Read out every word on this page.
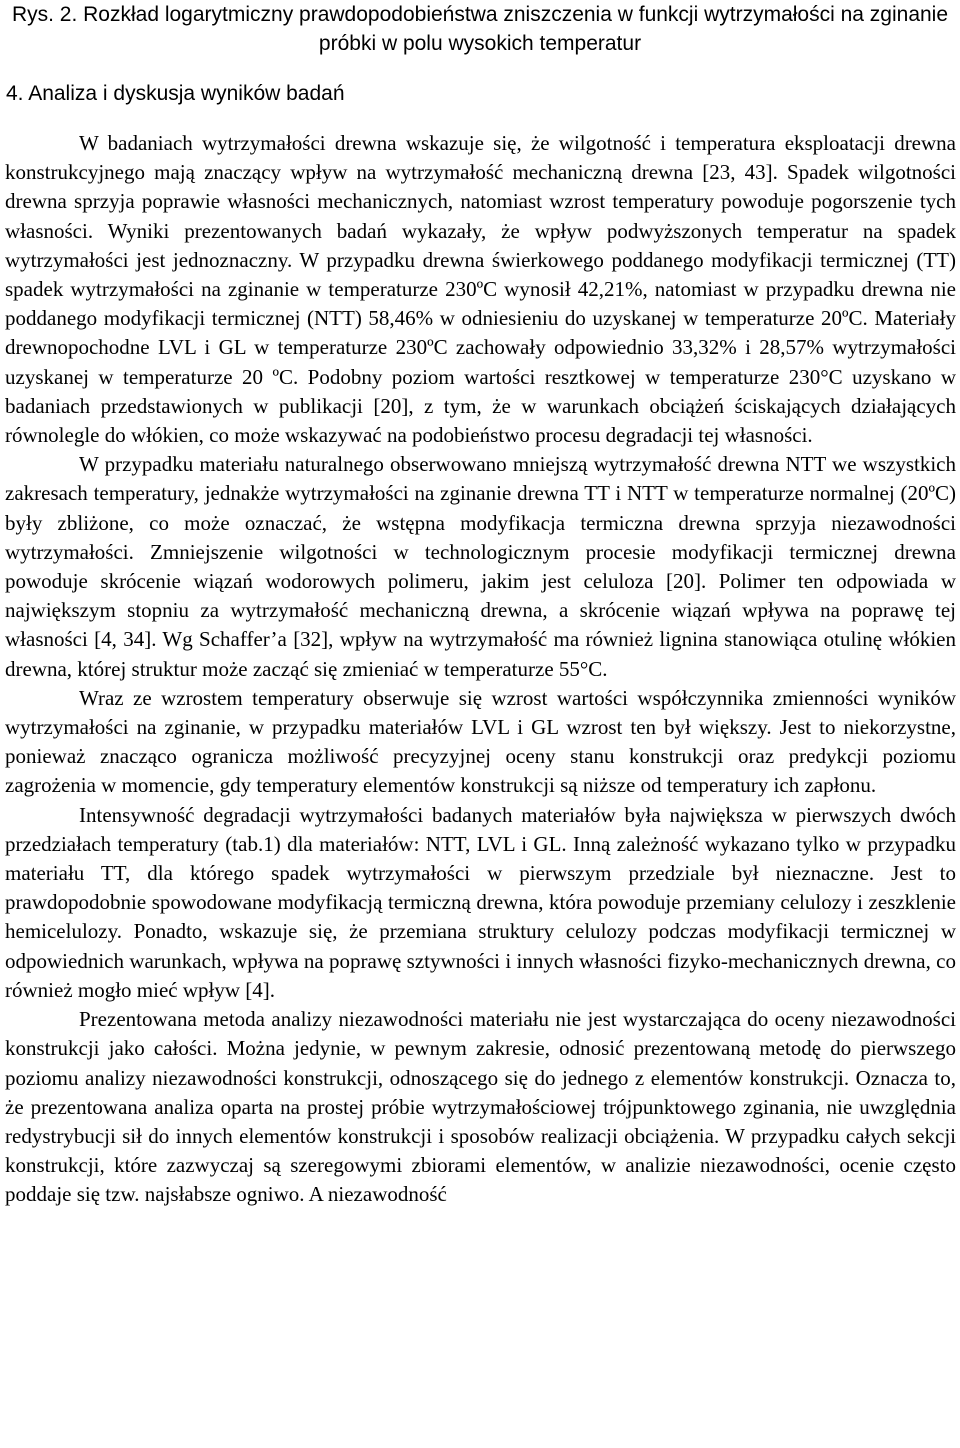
Rys. 2. Rozkład logarytmiczny prawdopodobieństwa zniszczenia w funkcji wytrzymałości na zginanie próbki w polu wysokich temperatur

4. Analiza i dyskusja wyników badań

W badaniach wytrzymałości drewna wskazuje się, że wilgotność i temperatura eksploatacji drewna konstrukcyjnego mają znaczący wpływ na wytrzymałość mechaniczną drewna [23, 43]. Spadek wilgotności drewna sprzyja poprawie własności mechanicznych, natomiast wzrost temperatury powoduje pogorszenie tych własności. Wyniki prezentowanych badań wykazały, że wpływ podwyższonych temperatur na spadek wytrzymałości jest jednoznaczny. W przypadku drewna świerkowego poddanego modyfikacji termicznej (TT) spadek wytrzymałości na zginanie w temperaturze 230ºC wynosił 42,21%, natomiast w przypadku drewna nie poddanego modyfikacji termicznej (NTT) 58,46% w odniesieniu do uzyskanej w temperaturze 20ºC. Materiały drewnopochodne LVL i GL w temperaturze 230ºC zachowały odpowiednio 33,32% i 28,57% wytrzymałości uzyskanej w temperaturze 20 ºC. Podobny poziom wartości resztkowej w temperaturze 230°C uzyskano w badaniach przedstawionych w publikacji [20], z tym, że w warunkach obciążeń ściskających działających równolegle do włókien, co może wskazywać na podobieństwo procesu degradacji tej własności.

W przypadku materiału naturalnego obserwowano mniejszą wytrzymałość drewna NTT we wszystkich zakresach temperatury, jednakże wytrzymałości na zginanie drewna TT i NTT w temperaturze normalnej (20ºC) były zbliżone, co może oznaczać, że wstępna modyfikacja termiczna drewna sprzyja niezawodności wytrzymałości. Zmniejszenie wilgotności w technologicznym procesie modyfikacji termicznej drewna powoduje skrócenie wiązań wodorowych polimeru, jakim jest celuloza [20]. Polimer ten odpowiada w największym stopniu za wytrzymałość mechaniczną drewna, a skrócenie wiązań wpływa na poprawę tej własności [4, 34]. Wg Schaffer’a [32], wpływ na wytrzymałość ma również lignina stanowiąca otulinę włókien drewna, której struktur może zacząć się zmieniać w temperaturze 55°C.

Wraz ze wzrostem temperatury obserwuje się wzrost wartości współczynnika zmienności wyników wytrzymałości na zginanie, w przypadku materiałów LVL i GL wzrost ten był większy. Jest to niekorzystne, ponieważ znacząco ogranicza możliwość precyzyjnej oceny stanu konstrukcji oraz predykcji poziomu zagrożenia w momencie, gdy temperatury elementów konstrukcji są niższe od temperatury ich zapłonu.

Intensywność degradacji wytrzymałości badanych materiałów była największa w pierwszych dwóch przedziałach temperatury (tab.1) dla materiałów: NTT, LVL i GL. Inną zależność wykazano tylko w przypadku materiału TT, dla którego spadek wytrzymałości w pierwszym przedziale był nieznaczne. Jest to prawdopodobnie spowodowane modyfikacją termiczną drewna, która powoduje przemiany celulozy i zeszklenie hemicelulozy. Ponadto, wskazuje się, że przemiana struktury celulozy podczas modyfikacji termicznej w odpowiednich warunkach, wpływa na poprawę sztywności i innych własności fizyko-mechanicznych drewna, co również mogło mieć wpływ [4].

Prezentowana metoda analizy niezawodności materiału nie jest wystarczająca do oceny niezawodności konstrukcji jako całości. Można jedynie, w pewnym zakresie, odnosić prezentowaną metodę do pierwszego poziomu analizy niezawodności konstrukcji, odnoszącego się do jednego z elementów konstrukcji. Oznacza to, że prezentowana analiza oparta na prostej próbie wytrzymałościowej trójpunktowego zginania, nie uwzględnia redystrybucji sił do innych elementów konstrukcji i sposobów realizacji obciążenia. W przypadku całych sekcji konstrukcji, które zazwyczaj są szeregowymi zbiorami elementów, w analizie niezawodności, ocenie często poddaje się tzw. najsłabsze ogniwo. A niezawodność
